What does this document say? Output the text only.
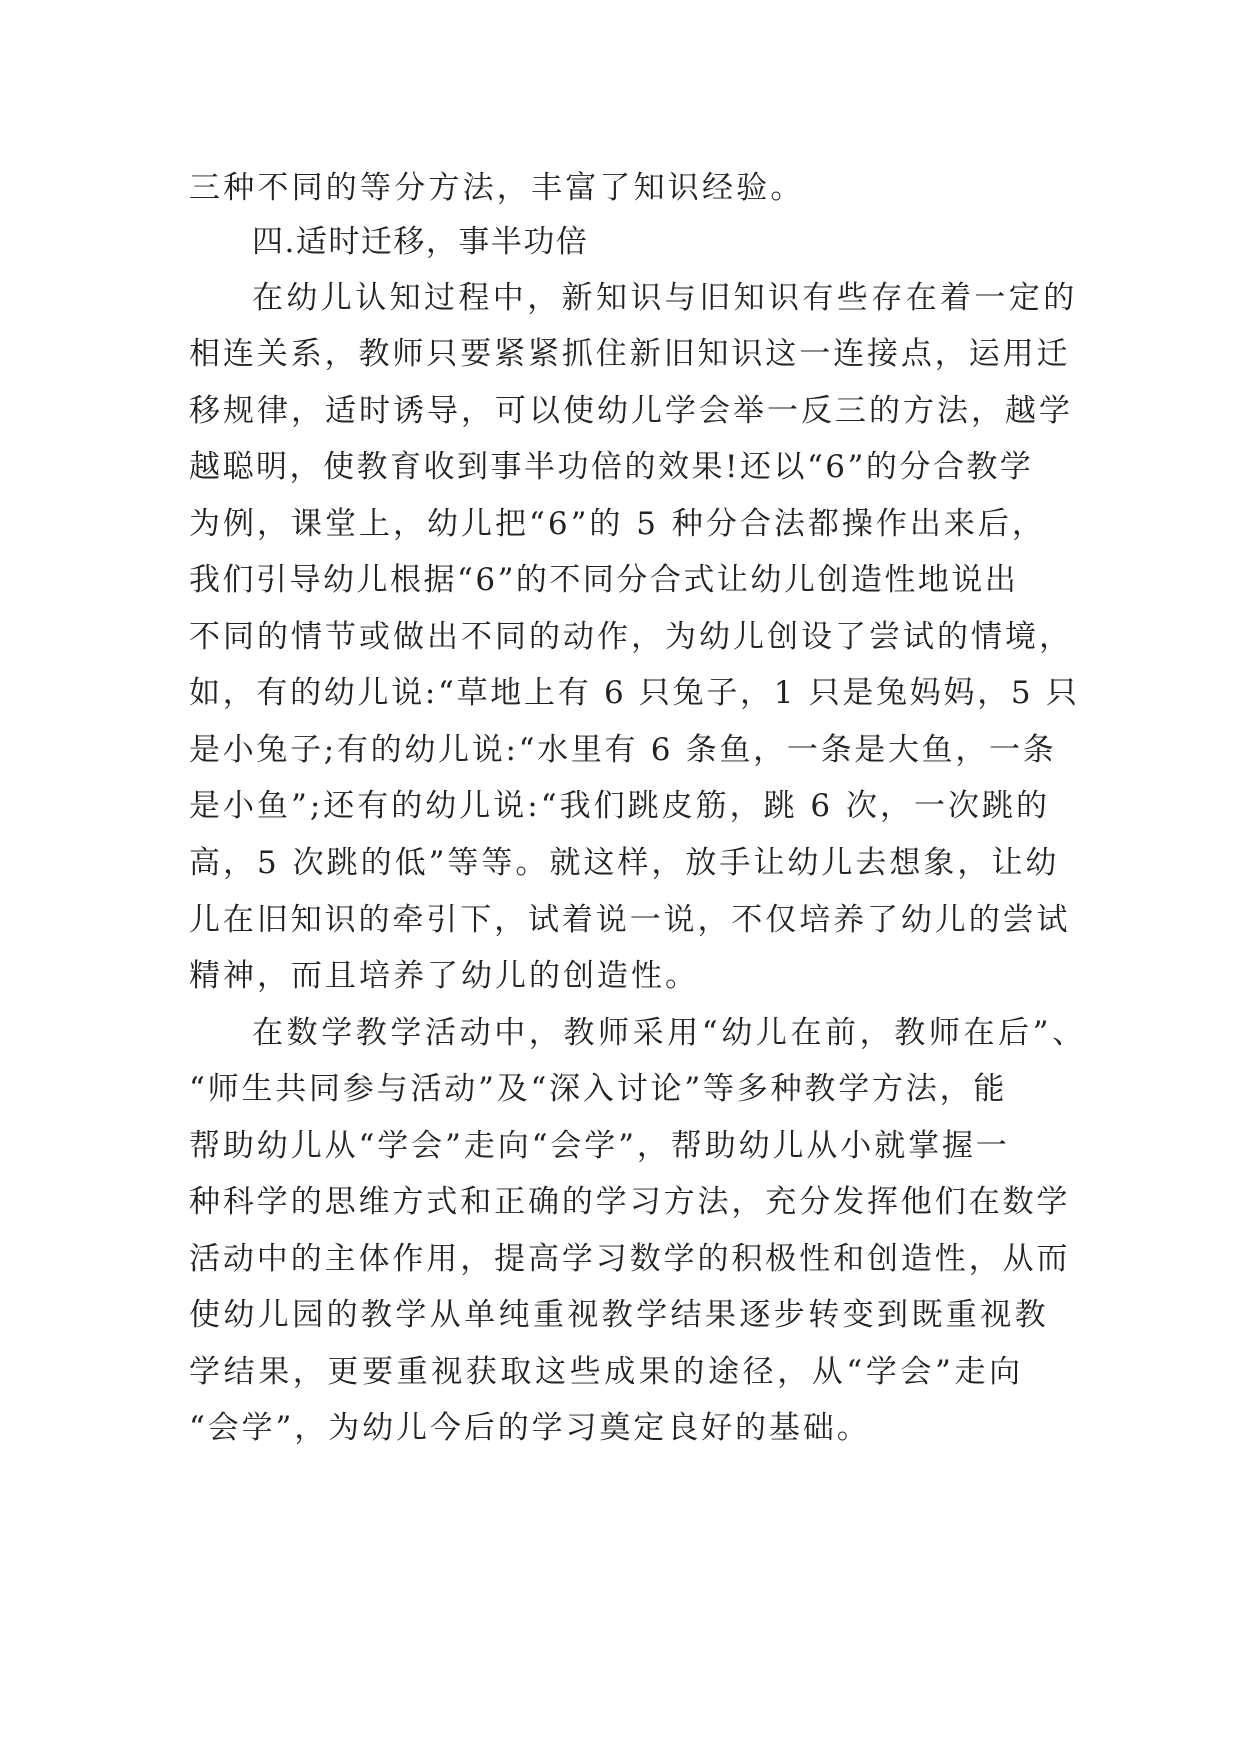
三种不同的等分方法，丰富了知识经验。
四.适时迁移，事半功倍
在幼儿认知过程中，新知识与旧知识有些存在着一定的
相连关系，教师只要紧紧抓住新旧知识这一连接点，运用迁
移规律，适时诱导，可以使幼儿学会举一反三的方法，越学
越聪明，使教育收到事半功倍的效果!还以“6”的分合教学
为例，课堂上，幼儿把“6”的 5 种分合法都操作出来后，
我们引导幼儿根据“6”的不同分合式让幼儿创造性地说出
不同的情节或做出不同的动作，为幼儿创设了尝试的情境，
如，有的幼儿说:“草地上有 6 只兔子，1 只是兔妈妈，5 只
是小兔子;有的幼儿说:“水里有 6 条鱼，一条是大鱼，一条
是小鱼”;还有的幼儿说:“我们跳皮筋，跳 6 次，一次跳的
高，5 次跳的低”等等。就这样，放手让幼儿去想象，让幼
儿在旧知识的牵引下，试着说一说，不仅培养了幼儿的尝试
精神，而且培养了幼儿的创造性。
在数学教学活动中，教师采用“幼儿在前，教师在后”、
“师生共同参与活动”及“深入讨论”等多种教学方法，能
帮助幼儿从“学会”走向“会学”，帮助幼儿从小就掌握一
种科学的思维方式和正确的学习方法，充分发挥他们在数学
活动中的主体作用，提高学习数学的积极性和创造性，从而
使幼儿园的教学从单纯重视教学结果逐步转变到既重视教
学结果，更要重视获取这些成果的途径，从“学会”走向
“会学”，为幼儿今后的学习奠定良好的基础。
